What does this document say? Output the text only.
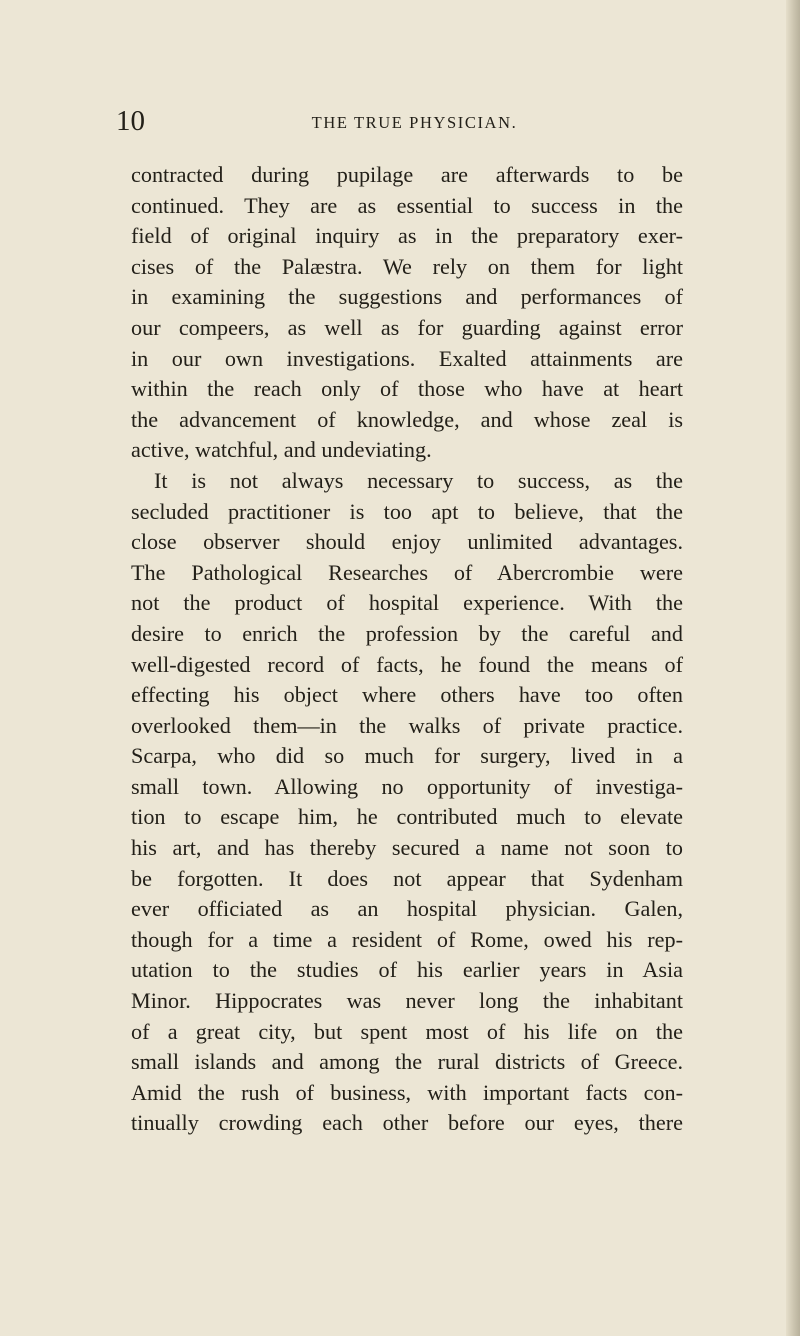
10	THE TRUE PHYSICIAN.
contracted during pupilage are afterwards to be
continued. They are as essential to success in the
field of original inquiry as in the preparatory exer-
cises of the Palæstra. We rely on them for light
in examining the suggestions and performances of
our compeers, as well as for guarding against error
in our own investigations. Exalted attainments are
within the reach only of those who have at heart
the advancement of knowledge, and whose zeal is
active, watchful, and undeviating.
It is not always necessary to success, as the
secluded practitioner is too apt to believe, that the
close observer should enjoy unlimited advantages.
The Pathological Researches of Abercrombie were
not the product of hospital experience. With the
desire to enrich the profession by the careful and
well-digested record of facts, he found the means of
effecting his object where others have too often
overlooked them—in the walks of private practice.
Scarpa, who did so much for surgery, lived in a
small town. Allowing no opportunity of investiga-
tion to escape him, he contributed much to elevate
his art, and has thereby secured a name not soon to
be forgotten. It does not appear that Sydenham
ever officiated as an hospital physician. Galen,
though for a time a resident of Rome, owed his rep-
utation to the studies of his earlier years in Asia
Minor. Hippocrates was never long the inhabitant
of a great city, but spent most of his life on the
small islands and among the rural districts of Greece.
Amid the rush of business, with important facts con-
tinually crowding each other before our eyes, there
